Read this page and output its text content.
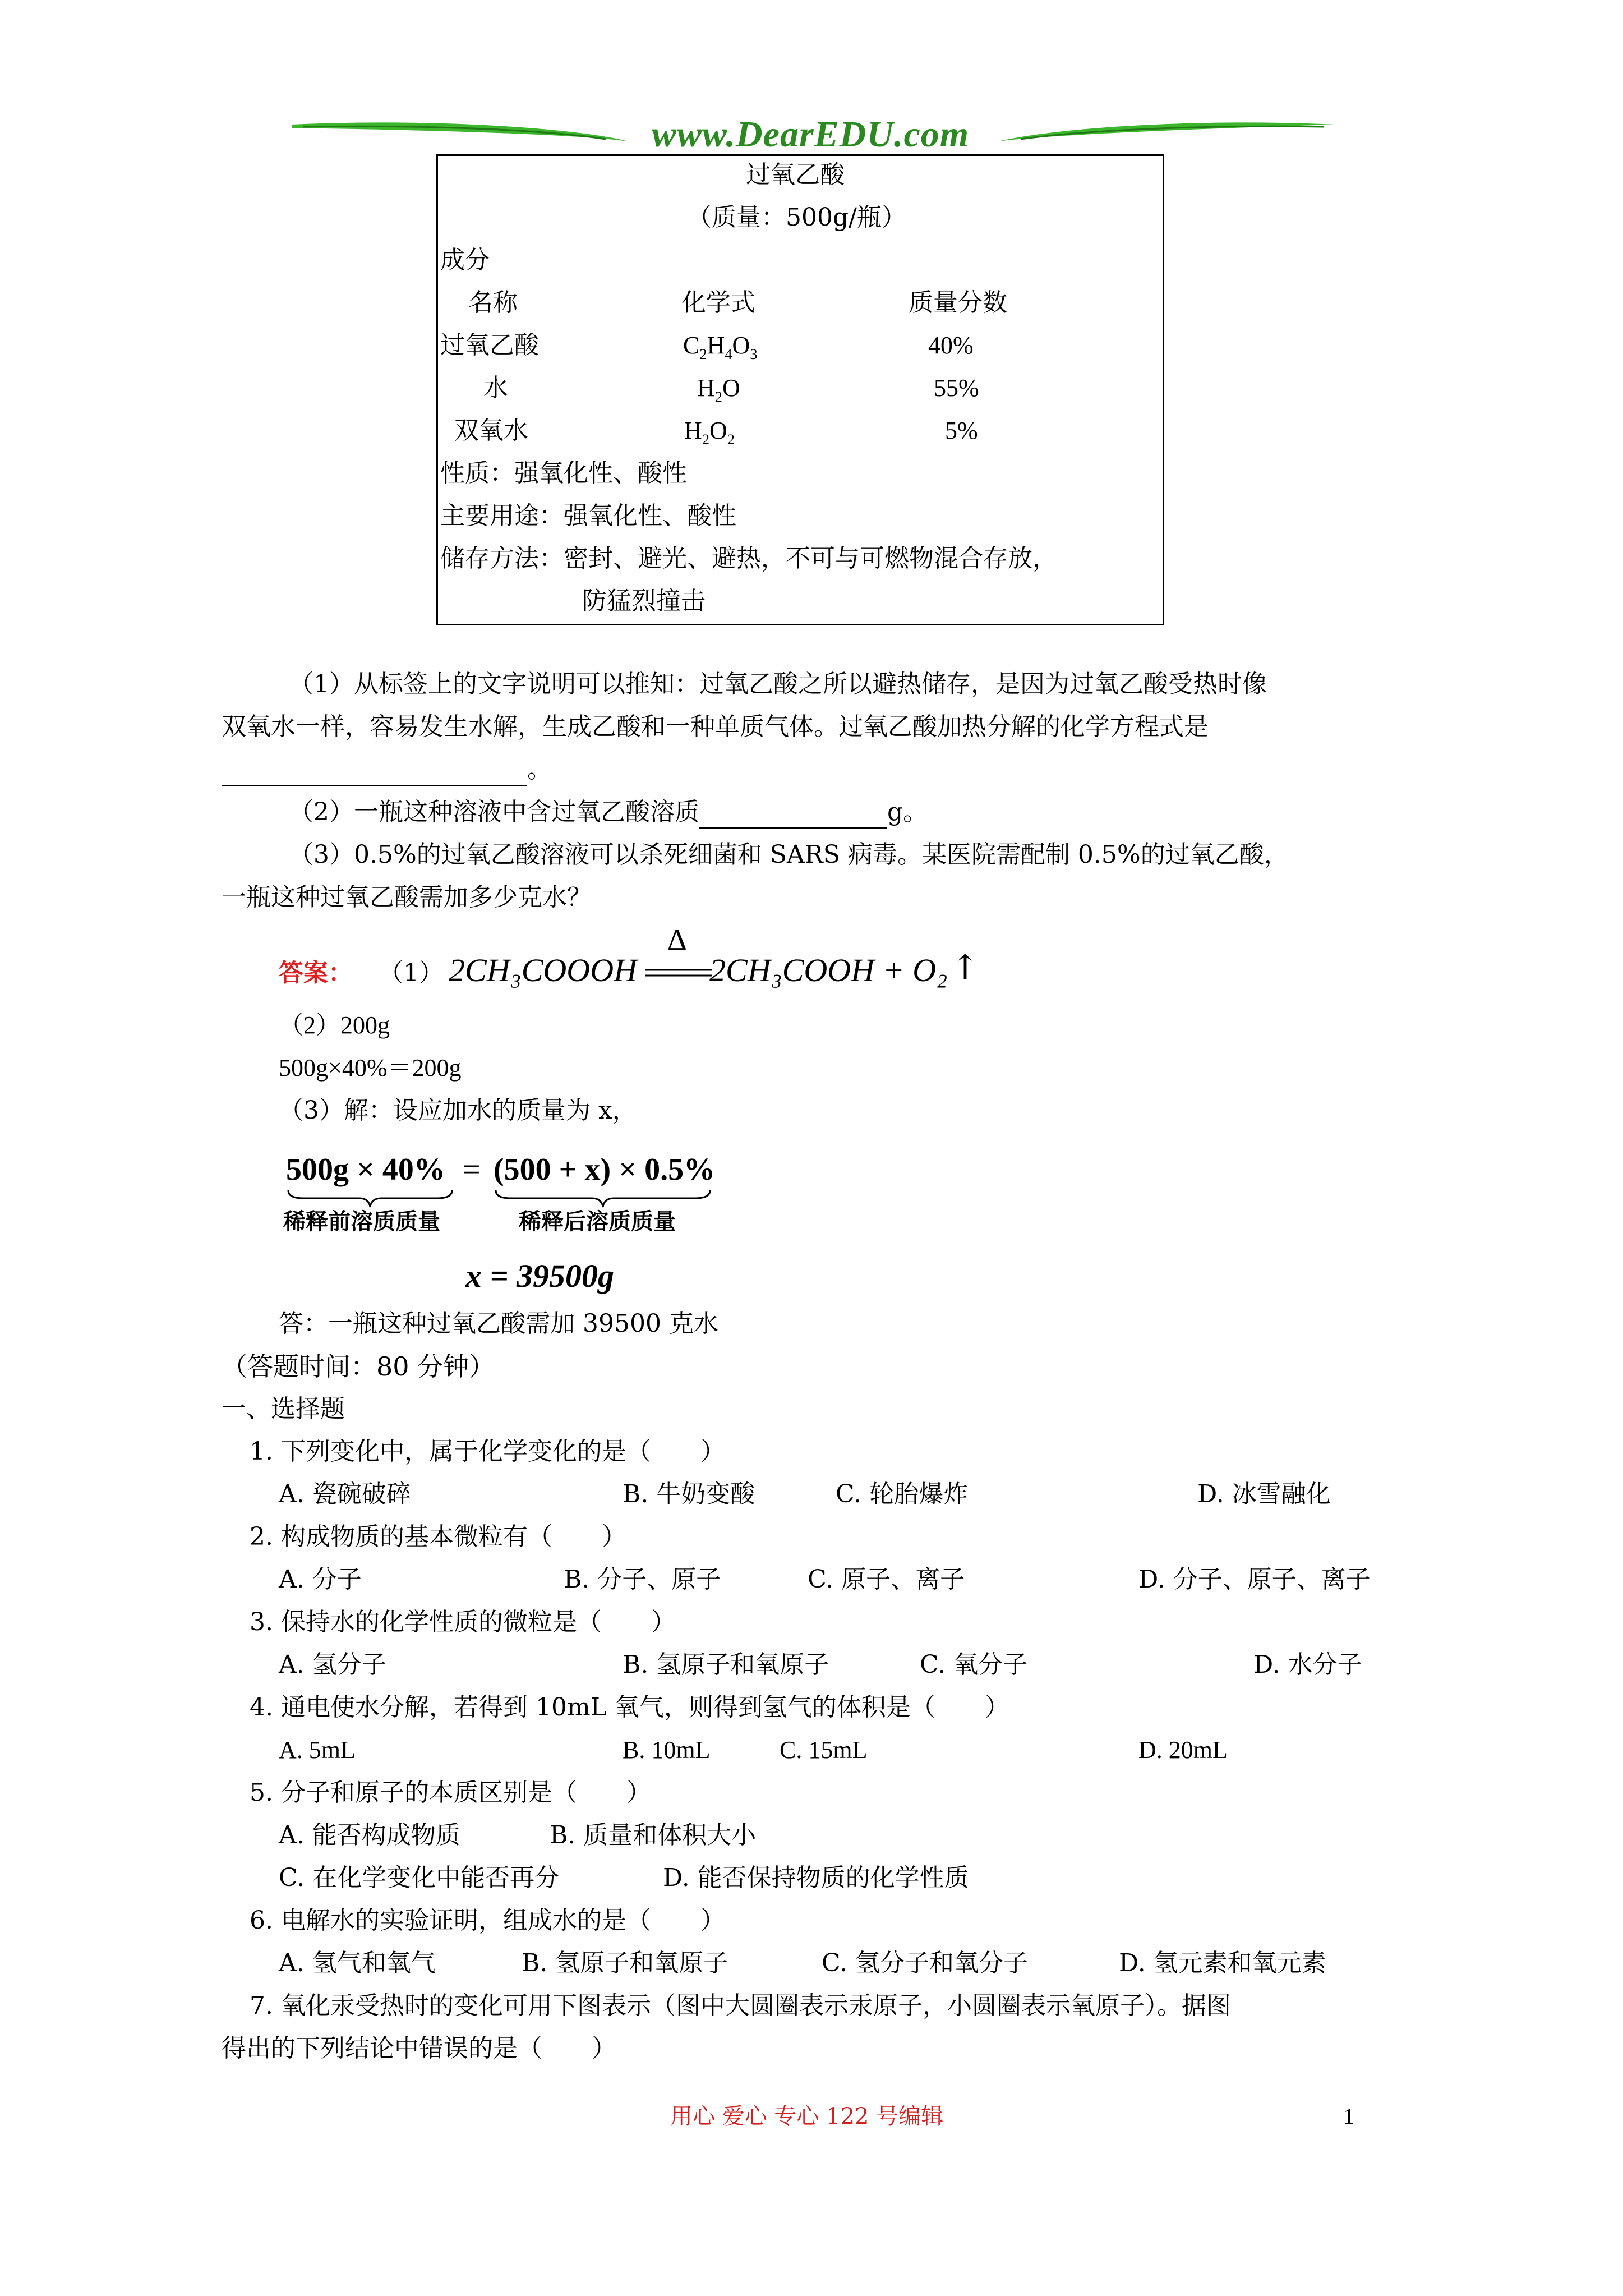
www.DearEDU.com
过氧乙酸
（质量：500g/瓶）
成分
名称	化学式	质量分数
过氧乙酸	$C_2H_4O_3$	40%
水	$H_2O$	55%
双氧水	$H_2O_2$	5%
性质：强氧化性、酸性
主要用途：强氧化性、酸性
储存方法：密封、避光、避热，不可与可燃物混合存放，
防猛烈撞击
（1）从标签上的文字说明可以推知：过氧乙酸之所以避热储存，是因为过氧乙酸受热时像
双氧水一样，容易发生水解，生成乙酸和一种单质气体。过氧乙酸加热分解的化学方程式是
。
（2）一瓶这种溶液中含过氧乙酸溶质	g。
（3）0.5%的过氧乙酸溶液可以杀死细菌和 SARS 病毒。某医院需配制 0.5%的过氧乙酸，
一瓶这种过氧乙酸需加多少克水？
答案： （1）
Δ
2CH₃COOOH 2CH₃COOH + O₂ ↑
（2）200g
500g×40%＝200g
（3）解：设应加水的质量为 x，
500g × 40% = (500 + x) × 0.5%
稀释前溶质质量	稀释后溶质质量
x = 39500g
答：一瓶这种过氧乙酸需加 39500 克水
（答题时间：80 分钟）
一、选择题
1. 下列变化中，属于化学变化的是（　　）
A. 瓷碗破碎	B. 牛奶变酸	C. 轮胎爆炸	D. 冰雪融化
2. 构成物质的基本微粒有（　　）
A. 分子	B. 分子、原子	C. 原子、离子	D. 分子、原子、离子
3. 保持水的化学性质的微粒是（　　）
A. 氢分子	B. 氢原子和氧原子	C. 氧分子	D. 水分子
4. 通电使水分解，若得到 10mL 氧气，则得到氢气的体积是（　　）
A. 5mL	B. 10mL	C. 15mL	D. 20mL
5. 分子和原子的本质区别是（　　）
A. 能否构成物质	B. 质量和体积大小
C. 在化学变化中能否再分	D. 能否保持物质的化学性质
6. 电解水的实验证明，组成水的是（　　）
A. 氢气和氧气	B. 氢原子和氧原子	C. 氢分子和氧分子	D. 氢元素和氧元素
7. 氧化汞受热时的变化可用下图表示（图中大圆圈表示汞原子，小圆圈表示氧原子）。据图
得出的下列结论中错误的是（　　）
用心 爱心 专心 122 号编辑	1
